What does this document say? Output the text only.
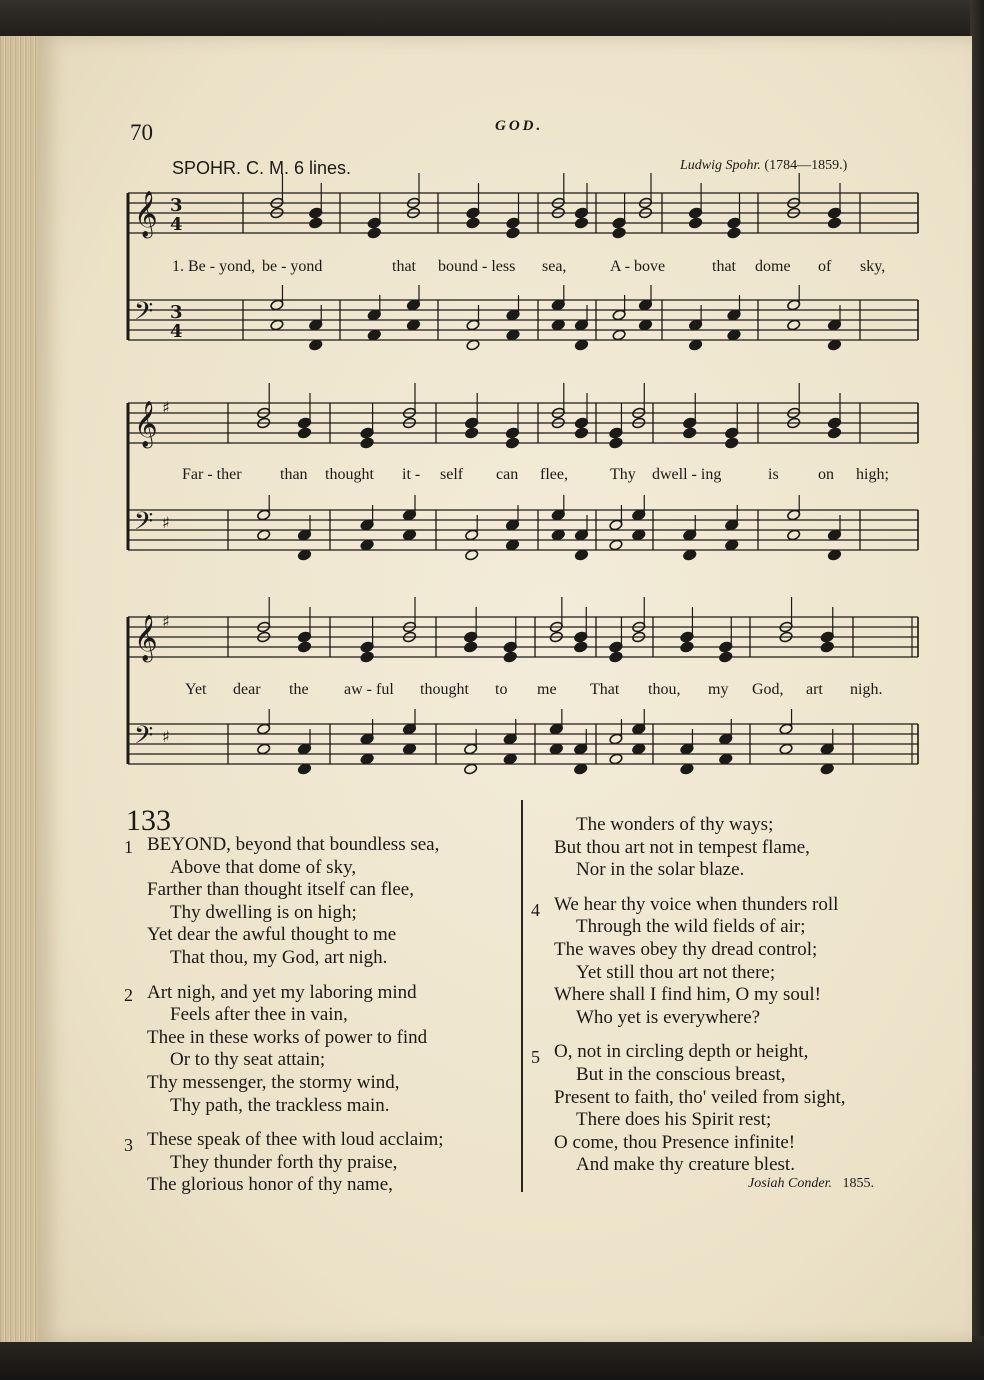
70	GOD.
SPOHR. C. M. 6 lines.	Ludwig Spohr. (1784—1859.)
𝄞 3
4
𝄢 3
4
𝄞 ♯
𝄢 ♯
𝄞 ♯
𝄢 ♯
1. Be - yond, be - yond	that bound - less sea,	A - bove	that dome of sky,
Far - ther than thought it - self can flee,	Thy dwell - ing	is on high;
Yet dear the aw - ful thought to me That thou, my God, art nigh.
133
1
2
3
4
5
BEYOND, beyond that boundless sea,
Above that dome of sky,
Farther than thought itself can flee,
Thy dwelling is on high;
Yet dear the awful thought to me
That thou, my God, art nigh.
Art nigh, and yet my laboring mind
Feels after thee in vain,
Thee in these works of power to find
Or to thy seat attain;
Thy messenger, the stormy wind,
Thy path, the trackless main.
These speak of thee with loud acclaim;
They thunder forth thy praise,
The glorious honor of thy name,
The wonders of thy ways;
But thou art not in tempest flame,
Nor in the solar blaze.
We hear thy voice when thunders roll
Through the wild fields of air;
The waves obey thy dread control;
Yet still thou art not there;
Where shall I find him, O my soul!
Who yet is everywhere?
O, not in circling depth or height,
But in the conscious breast,
Present to faith, tho' veiled from sight,
There does his Spirit rest;
O come, thou Presence infinite!
And make thy creature blest.
Josiah Conder. 1855.
